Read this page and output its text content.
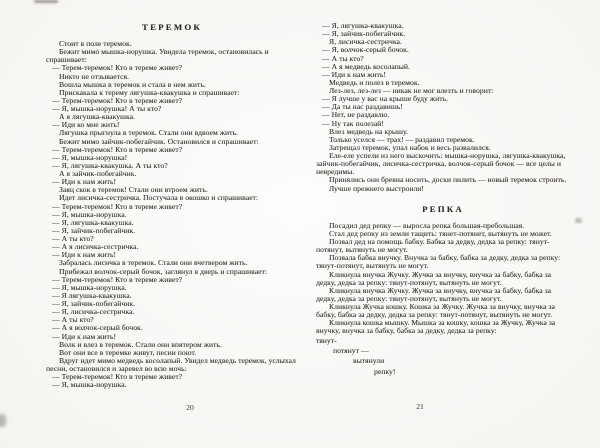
ТЕРЕМОК

Стоит в поле теремок.

Бежит мимо мышка-норушка. Увидела теремок, остановилась и спрашивает:

— Терем-теремок! Кто в тереме живет?

Никто не отзывается.

Вошла мышка в теремок и стала в нем жить.

Прискакала к терему лягушка-квакушка и спрашивает:

— Терем-теремок! Кто в тереме живет?

— Я, мышка-норушка! А ты кто?

А я лягушка-квакушка.

— Иди ко мне жить!

Лягушка прыгнула в теремок. Стали они вдвоем жить.

Бежит мимо зайчик-побегайчик. Остановился и спрашивает:

— Терем-теремок! Кто в тереме живет?

— Я, мышка-норушка!

— Я, лягушка-квакушка. А ты кто?

А я зайчик-побегайчик.

— Иди к нам жить!

Заяц скок в теремок! Стали они втроем жить.

Идет лисичка-сестричка. Постучала в окошко и спрашивает:

— Терем-теремок! Кто в тереме живет?

— Я, мышка-норушка.

— Я, лягушка-квакушка.

— Я, зайчик-побегайчик.

— А ты кто?

— А я лисичка-сестричка.

— Иди к нам жить!

Забралась лисичка в теремок. Стали они вчетвером жить.

Прибежал волчок-серый бочок, заглянул в дверь и спрашивает:

— Терем-теремок! Кто в тереме живет?

— Я, мышка-норушка.

— Я лягушка-квакушка.

— Я, зайчик-побегайчик.

— Я, лисичка-сестричка.

— А ты кто?

— А я волчок-серый бочок.

— Иди к нам жить!

Волк и влез в теремок. Стали они впятером жить.

Вот они все в теремке живут, песни поют.

Вдруг идет мимо медведь косолапый. Увидел медведь теремок, услыхал песни, остановился и заревел во всю мочь:

— Терем-теремок! Кто в тереме живет?

— Я, мышка-норушка.

20

— Я, лягушка-квакушка.

— Я, зайчик-побегайчик.

Я, лисичка-сестричка.

— Я, волчок-серый бочок.

— А ты кто?

— А я медведь косолапый.

— Иди к нам жить!

Медведь и полез в теремок.

Лез-лез, лез-лез — никак не мог влезть и говорит:

— Я лучше у вас на крыше буду жить.

— Да ты нас раздавишь!

— Нет, не раздавлю.

— Ну так полезай!

Влез медведь на крышу.

Только уселся — трах! — раздавил теремок.

Затрещал теремок, упал набок и весь развалился.

Еле-еле успели из него выскочить: мышка-норушка, лягушка-квакушка, зайчик-побегайчик, лисичка-сестричка, волчок-серый бочок — все целы и невредимы.

Принялись они бревна носить, доски пилить — новый теремок строить.

Лучше прежнего выстроили!

РЕПКА

Посадил дед репку — выросла репка большая-пребольшая.

Стал дед репку из земли тащить: тянет-потянет, вытянуть не может.

Позвал дед на помощь бабку. Бабка за дедку, дедка за репку: тянут-потянут, вытянуть не могут.

Позвала бабка внучку. Внучка за бабку, бабка за дедку, дедка за репку: тянут-потянут, вытянуть не могут.

Кликнула внучка Жучку. Жучка за внучку, внучка за бабку, бабка за дедку, дедка за репку: тянут-потянут, вытянуть не могут.

Кликнула внучка Жучку. Жучка за внучку, внучка за бабку, бабка за дедку, дедка за репку: тянут-потянут, вытянуть не могут.

Кликнула Жучка кошку. Кошка за Жучку. Жучка за внучку, внучка за бабку, бабка за дедку, дедка за репку: тянут-потянут, вытянуть не могут.

Кликнула кошка мышку. Мышка за кошку, кошка за Жучку, Жучка за внучку, внучка за бабку, бабка за дедку, дедка за репку:

тянут-

потянут —

вытянули

репку!

21
